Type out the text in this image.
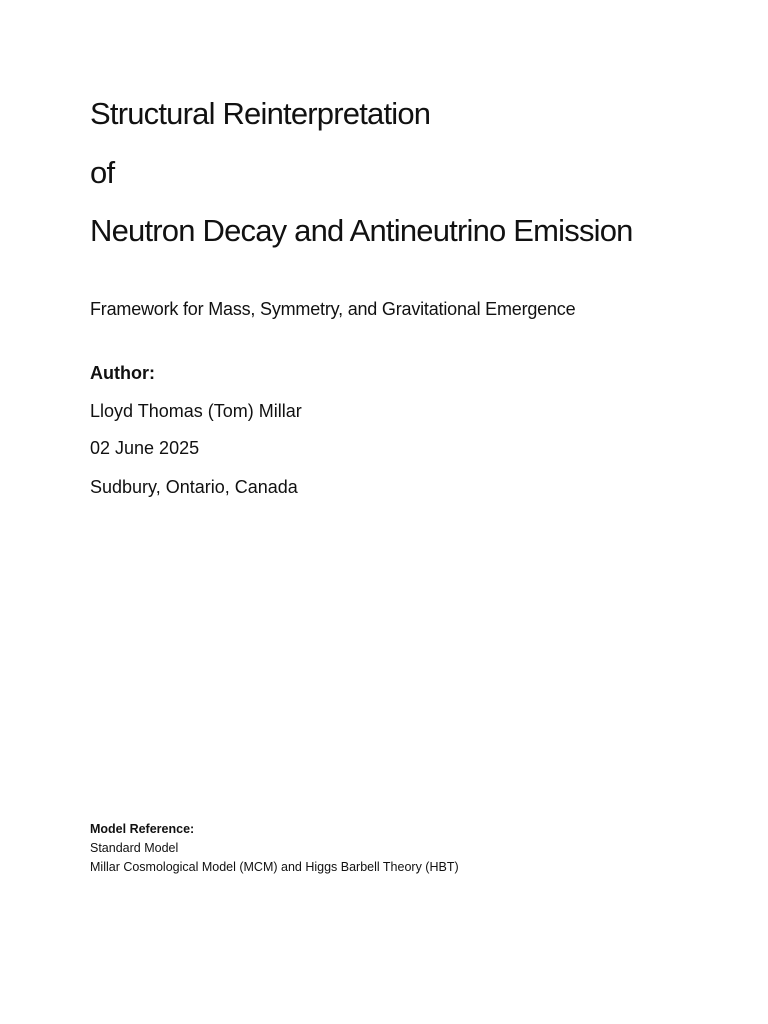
Structural Reinterpretation
of
Neutron Decay and Antineutrino Emission
Framework for Mass, Symmetry, and Gravitational Emergence
Author:
Lloyd Thomas (Tom) Millar
02 June 2025
Sudbury, Ontario, Canada
Model Reference:
Standard Model
Millar Cosmological Model (MCM) and Higgs Barbell Theory (HBT)
